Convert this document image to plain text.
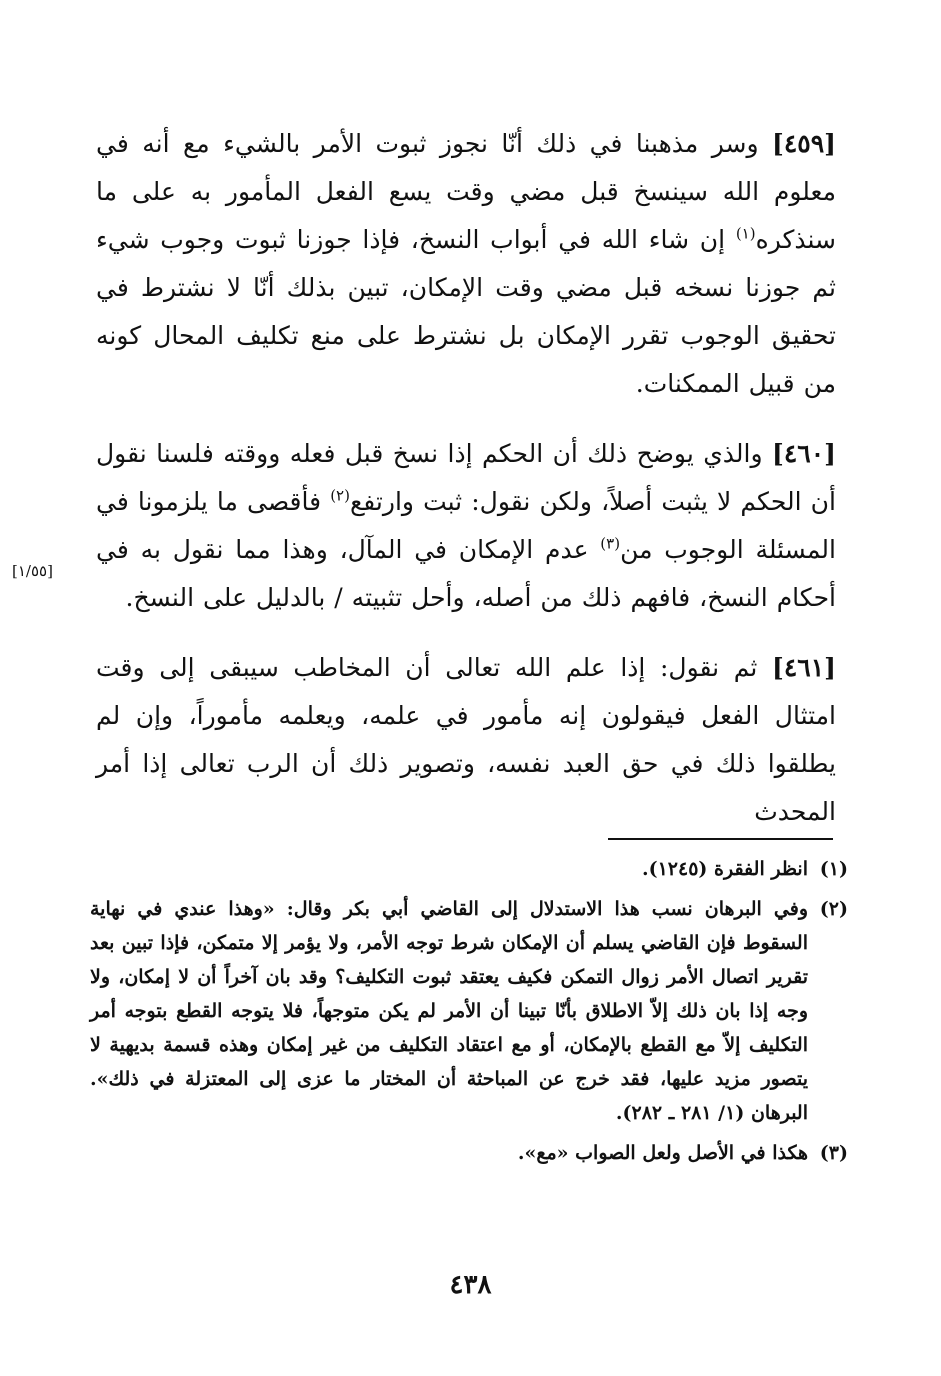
[٤٥٩] وسر مذهبنا في ذلك أنّا نجوز ثبوت الأمر بالشيء مع أنه في معلوم الله سينسخ قبل مضي وقت يسع الفعل المأمور به على ما سنذكره$^{(١)}$ إن شاء الله في أبواب النسخ، فإذا جوزنا ثبوت وجوب شيء ثم جوزنا نسخه قبل مضي وقت الإمكان، تبين بذلك أنّا لا نشترط في تحقيق الوجوب تقرر الإمكان بل نشترط على منع تكليف المحال كونه من قبيل الممكنات.

[٤٦٠] والذي يوضح ذلك أن الحكم إذا نسخ قبل فعله ووقته فلسنا نقول أن الحكم لا يثبت أصلاً، ولكن نقول: ثبت وارتفع$^{(٢)}$ فأقصى ما يلزمونا في المسئلة الوجوب من$^{(٣)}$ عدم الإمكان في المآل، وهذا مما نقول به في أحكام النسخ، فافهم ذلك من أصله، وأحل تثبيته / بالدليل على النسخ.

[٤٦١] ثم نقول: إذا علم الله تعالى أن المخاطب سيبقى إلى وقت امتثال الفعل فيقولون إنه مأمور في علمه، ويعلمه مأموراً، وإن لم يطلقوا ذلك في حق العبد نفسه، وتصوير ذلك أن الرب تعالى إذا أمر المحدث

[١/٥٥]

(١)
انظر الفقرة (١٢٤٥).

(٢)
وفي البرهان نسب هذا الاستدلال إلى القاضي أبي بكر وقال: «وهذا عندي في نهاية السقوط فإن القاضي يسلم أن الإمكان شرط توجه الأمر، ولا يؤمر إلا متمكن، فإذا تبين بعد تقرير اتصال الأمر زوال التمكن فكيف يعتقد ثبوت التكليف؟ وقد بان آخراً أن لا إمكان، ولا وجه إذا بان ذلك إلاّ الاطلاق بأنّا تبينا أن الأمر لم يكن متوجهاً، فلا يتوجه القطع بتوجه أمر التكليف إلاّ مع القطع بالإمكان، أو مع اعتقاد التكليف من غير إمكان وهذه قسمة بديهية لا يتصور مزيد عليها، فقد خرج عن المباحثة أن المختار ما عزى إلى المعتزلة في ذلك». البرهان (١/ ٢٨١ ـ ٢٨٢).

(٣)
هكذا في الأصل ولعل الصواب «مع».

٤٣٨
